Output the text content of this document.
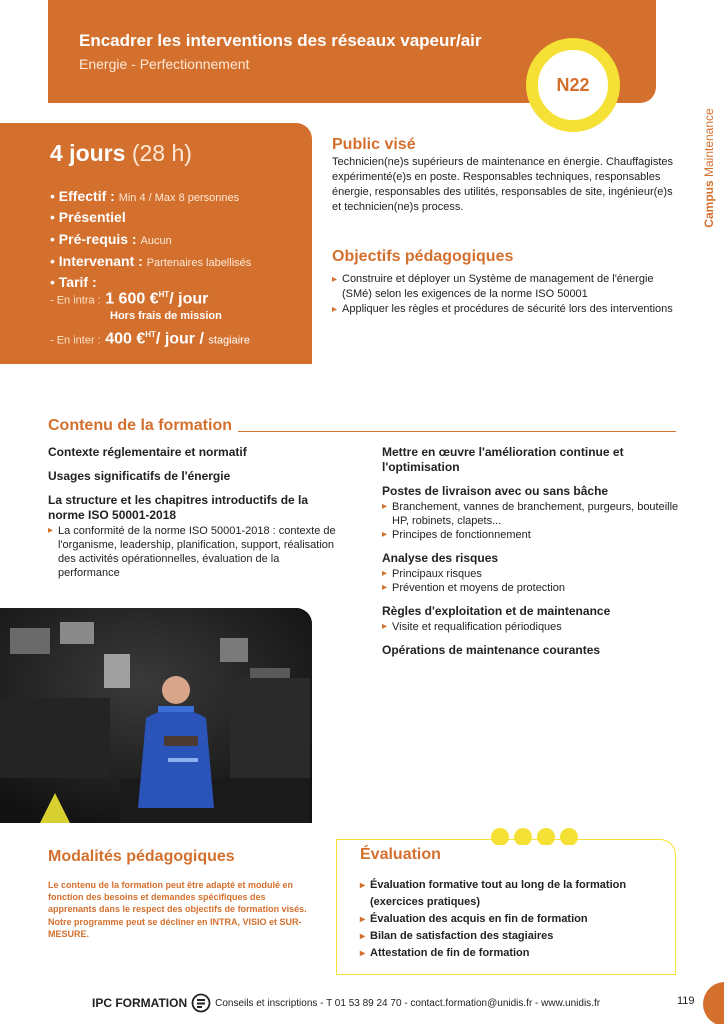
Encadrer les interventions des réseaux vapeur/air
Energie - Perfectionnement
N22
Campus Maintenance
4 jours (28 h)
• Effectif : Min 4 / Max 8 personnes
• Présentiel
• Pré-requis : Aucun
• Intervenant : Partenaires labellisés
• Tarif :
- En intra : 1 600 €$^{HT}$/ jour
Hors frais de mission
- En inter : 400 €$^{HT}$/ jour / stagiaire
Public visé
Technicien(ne)s supérieurs de maintenance en énergie. Chauffagistes expérimenté(e)s en poste. Responsables techniques, responsables énergie, responsables des utilités, responsables de site, ingénieur(e)s et technicien(ne)s process.
Objectifs pédagogiques
▸ Construire et déployer un Système de management de l'énergie (SMé) selon les exigences de la norme ISO 50001
▸ Appliquer les règles et procédures de sécurité lors des interventions
Contenu de la formation
Contexte réglementaire et normatif
Usages significatifs de l'énergie
La structure et les chapitres introductifs de la norme ISO 50001-2018
▸ La conformité de la norme ISO 50001-2018 : contexte de l'organisme, leadership, planification, support, réalisation des activités opérationnelles, évaluation de la performance
Mettre en œuvre l'amélioration continue et l'optimisation
Postes de livraison avec ou sans bâche
▸ Branchement, vannes de branchement, purgeurs, bouteille HP, robinets, clapets...
▸ Principes de fonctionnement
Analyse des risques
▸ Principaux risques
▸ Prévention et moyens de protection
Règles d'exploitation et de maintenance
▸ Visite et requalification périodiques
Opérations de maintenance courantes
Modalités pédagogiques
Le contenu de la formation peut être adapté et modulé en fonction des besoins et demandes spécifiques des apprenants dans le respect des objectifs de formation visés. Notre programme peut se décliner en INTRA, VISIO et SUR-MESURE.
Évaluation
▸ Évaluation formative tout au long de la formation (exercices pratiques)
▸ Évaluation des acquis en fin de formation
▸ Bilan de satisfaction des stagiaires
▸ Attestation de fin de formation
IPC FORMATION	Conseils et inscriptions - T 01 53 89 24 70 - contact.formation@unidis.fr - www.unidis.fr	119
